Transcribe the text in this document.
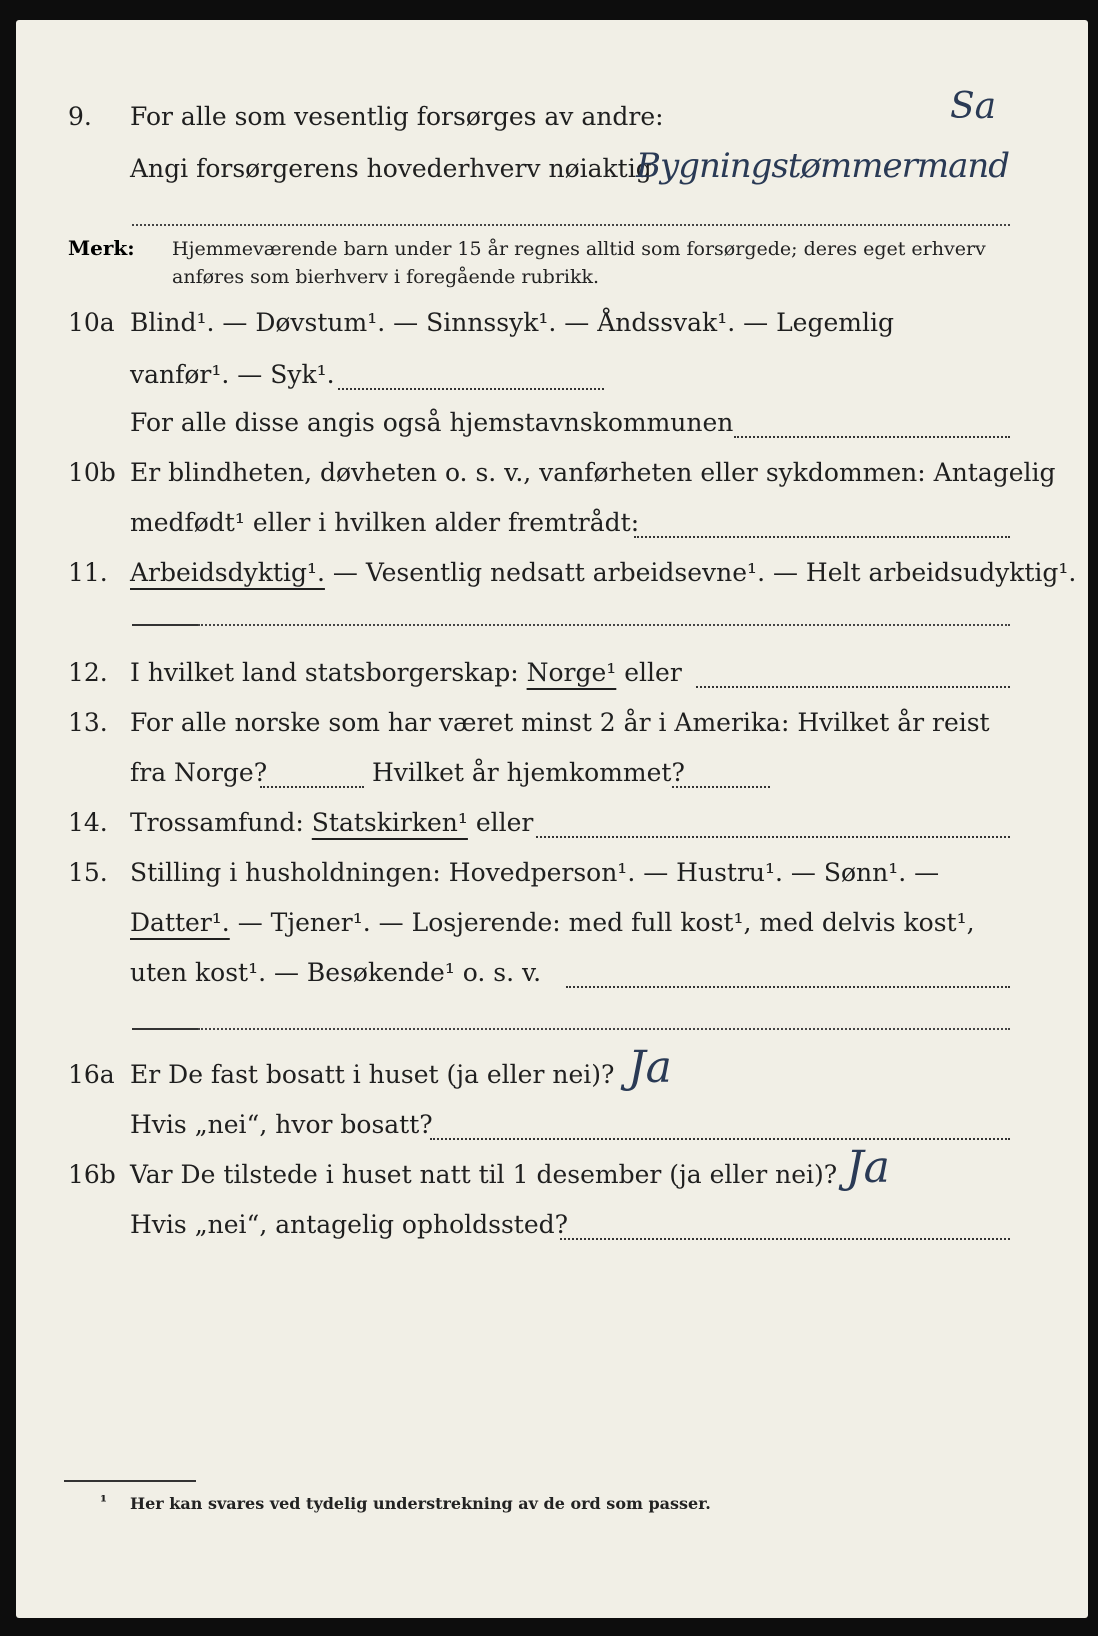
9. For alle som vesentlig forsørges av andre:	Sa
Angi forsørgerens hovederhverv nøiaktig
Bygningstømmermand
Merk: Hjemmeværende barn under 15 år regnes alltid som forsørgede; deres eget erhverv
anføres som bierhverv i foregående rubrikk.
10a Blind¹. — Døvstum¹. — Sinnssyk¹. — Åndssvak¹. — Legemlig
vanfør¹. — Syk¹.
For alle disse angis også hjemstavnskommunen
10b Er blindheten, døvheten o. s. v., vanførheten eller sykdommen: Antagelig
medfødt¹ eller i hvilken alder fremtrådt:
11. Arbeidsdyktig¹. — Vesentlig nedsatt arbeidsevne¹. — Helt arbeidsudyktig¹.
12. I hvilket land statsborgerskap: Norge¹ eller
13. For alle norske som har været minst 2 år i Amerika: Hvilket år reist
fra Norge?	Hvilket år hjemkommet?
14. Trossamfund: Statskirken¹ eller
15. Stilling i husholdningen: Hovedperson¹. — Hustru¹. — Sønn¹. —
Datter¹. — Tjener¹. — Losjerende: med full kost¹, med delvis kost¹,
uten kost¹. — Besøkende¹ o. s. v.
16a Er De fast bosatt i huset (ja eller nei)? Ja
Hvis „nei“, hvor bosatt?
16b Var De tilstede i huset natt til 1 desember (ja eller nei)? Ja
Hvis „nei“, antagelig opholdssted?
¹ Her kan svares ved tydelig understrekning av de ord som passer.
